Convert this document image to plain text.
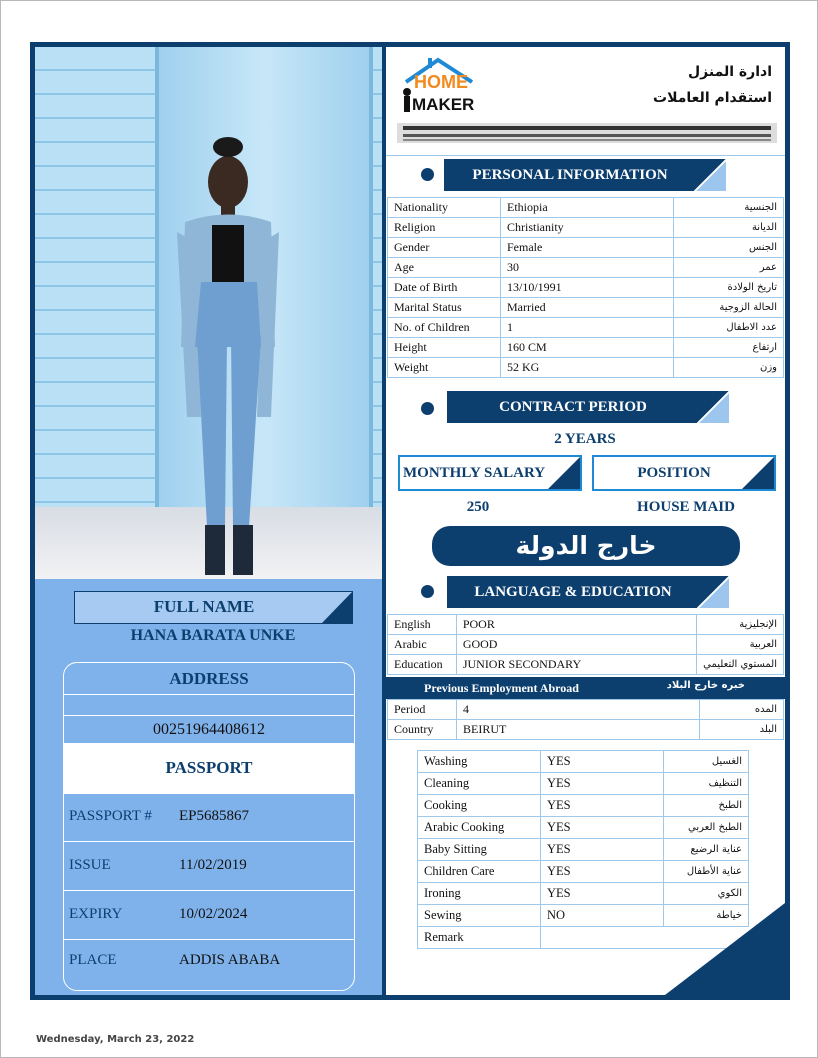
FULL NAME
HANA BARATA UNKE
ADDRESS
00251964408612
PASSPORT
PASSPORT # EP5685867
ISSUE	11/02/2019
EXPIRY	10/02/2024
PLACE	ADDIS ABABA
Wednesday, March 23, 2022
HOME
MAKER
ادارة المنزل
استقدام العاملات
PERSONAL INFORMATION
Nationality	Ethiopia	الجنسية
Religion	Christianity	الديانة
Gender	Female	الجنس
Age	30	عمر
Date of Birth	13/10/1991	تاريخ الولادة
Marital Status	Married	الحالة الزوجية
No. of Children	1	عدد الاطفال
Height	160 CM	ارتفاع
Weight	52 KG	وزن
CONTRACT PERIOD
2 YEARS
MONTHLY SALARY	POSITION
250	HOUSE MAID
خارج الدولة
LANGUAGE & EDUCATION
English	POOR	الإنجليزية
Arabic	GOOD	العربية
Education	JUNIOR SECONDARY	المستوي التعليمي
Previous Employment Abroad	خبره خارج البلاد
Period	4	المده
Country	BEIRUT	البلد
Washing	YES	الغسيل
Cleaning	YES	التنظيف
Cooking	YES	الطبخ
Arabic Cooking	YES	الطبخ العربي
Baby Sitting	YES	عناية الرضيع
Children Care	YES	عناية الأطفال
Ironing	YES	الكوي
Sewing	NO	خياطة
Remark		
